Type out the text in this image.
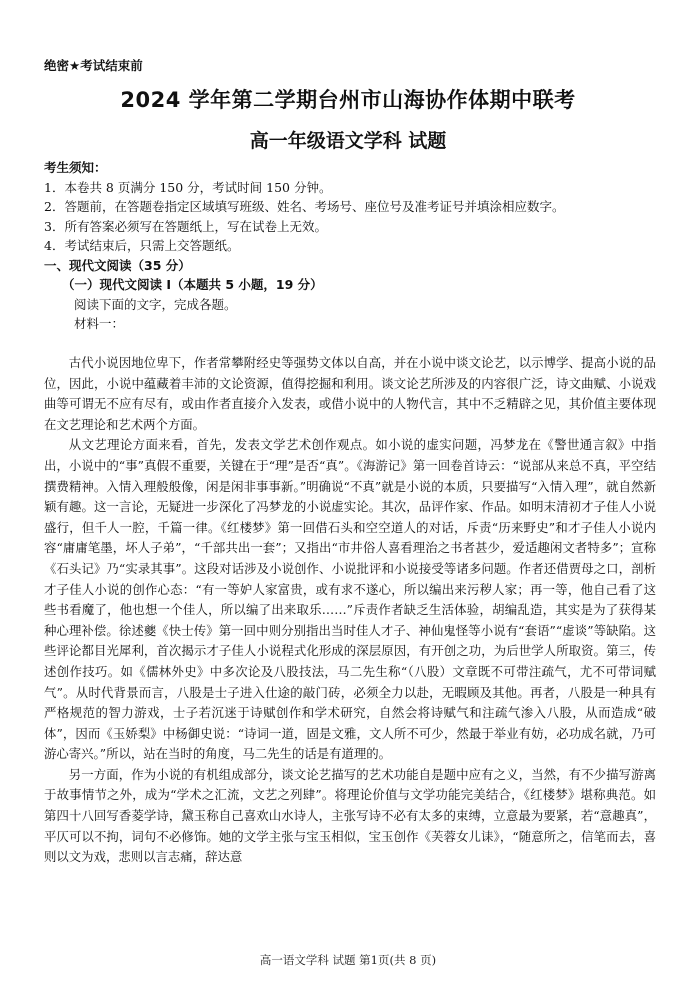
绝密★考试结束前
2024 学年第二学期台州市山海协作体期中联考
高一年级语文学科 试题
考生须知：
1．本卷共 8 页满分 150 分，考试时间 150 分钟。
2．答题前，在答题卷指定区域填写班级、姓名、考场号、座位号及准考证号并填涂相应数字。
3．所有答案必须写在答题纸上，写在试卷上无效。
4．考试结束后，只需上交答题纸。
一、现代文阅读（35 分）
（一）现代文阅读 I（本题共 5 小题，19 分）
阅读下面的文字，完成各题。
材料一：

古代小说因地位卑下，作者常攀附经史等强势文体以自高，并在小说中谈文论艺，以示博学、提高小说的品位，因此，小说中蕴藏着丰沛的文论资源，值得挖掘和利用。谈文论艺所涉及的内容很广泛，诗文曲赋、小说戏曲等可谓无不应有尽有，或由作者直接介入发表，或借小说中的人物代言，其中不乏精辟之见，其价值主要体现在文艺理论和艺术两个方面。

从文艺理论方面来看，首先，发表文学艺术创作观点。如小说的虚实问题，冯梦龙在《警世通言叙》中指出，小说中的“事”真假不重要，关键在于“理”是否“真”。《海游记》第一回卷首诗云：“说部从来总不真，平空结撰费精神。入情入理般般像，闲是闲非事事新。”明确说“不真”就是小说的本质，只要描写“入情入理”，就自然新颖有趣。这一言论，无疑进一步深化了冯梦龙的小说虚实论。其次，品评作家、作品。如明末清初才子佳人小说盛行，但千人一腔，千篇一律。《红楼梦》第一回借石头和空空道人的对话，斥责“历来野史”和才子佳人小说内容“庸庸笔墨，坏人子弟”，“千部共出一套”；又指出“市井俗人喜看理治之书者甚少，爱适趣闲文者特多”；宣称《石头记》乃“实录其事”。这段对话涉及小说创作、小说批评和小说接受等诸多问题。作者还借贾母之口，剖析才子佳人小说的创作心态：“有一等妒人家富贵，或有求不遂心，所以编出来污秽人家；再一等，他自己看了这些书看魔了，他也想一个佳人，所以编了出来取乐……”斥责作者缺乏生活体验，胡编乱造，其实是为了获得某种心理补偿。徐述夔《快士传》第一回中则分别指出当时佳人才子、神仙鬼怪等小说有“套语”“虚谈”等缺陷。这些评论都目光犀利，首次揭示才子佳人小说程式化形成的深层原因，有开创之功，为后世学人所取资。第三，传述创作技巧。如《儒林外史》中多次论及八股技法，马二先生称“（八股）文章既不可带注疏气，尤不可带词赋气”。从时代背景而言，八股是士子进入仕途的敲门砖，必须全力以赴，无暇顾及其他。再者，八股是一种具有严格规范的智力游戏，士子若沉迷于诗赋创作和学术研究，自然会将诗赋气和注疏气渗入八股，从而造成“破体”，因而《玉娇梨》中杨御史说：“诗词一道，固是文雅，文人所不可少，然最于举业有妨，必功成名就，乃可游心寄兴。”所以，站在当时的角度，马二先生的话是有道理的。

另一方面，作为小说的有机组成部分，谈文论艺描写的艺术功能自是题中应有之义，当然，有不少描写游离于故事情节之外，成为“学术之汇流，文艺之列肆”。将理论价值与文学功能完美结合，《红楼梦》堪称典范。如第四十八回写香菱学诗，黛玉称自己喜欢山水诗人，主张写诗不必有太多的束缚，立意最为要紧，若“意趣真”，平仄可以不拘，词句不必修饰。她的文学主张与宝玉相似，宝玉创作《芙蓉女儿诔》，“随意所之，信笔而去，喜则以文为戏，悲则以言志痛，辞达意

高一语文学科 试题 第1页(共 8 页)
